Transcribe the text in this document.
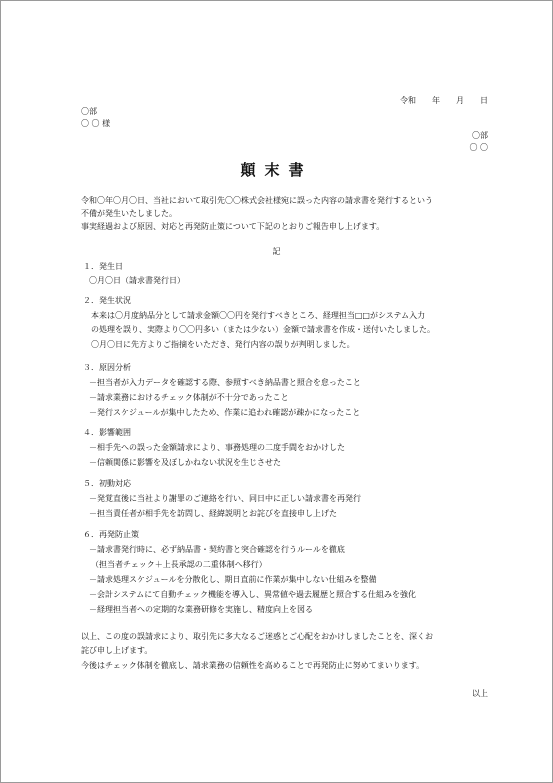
令和　　年　　月　　日
〇部
〇 〇 様
〇部
〇 〇
顛末書
令和〇年〇月〇日、当社において取引先〇〇株式会社様宛に誤った内容の請求書を発行するという
不備が発生いたしました。
事実経過および原因、対応と再発防止策について下記のとおりご報告申し上げます。
記
１．発生日
〇月〇日（請求書発行日）
２．発生状況
本来は〇月度納品分として請求金額〇〇円を発行すべきところ、経理担当□□がシステム入力
の処理を誤り、実際より〇〇円多い（または少ない）金額で請求書を作成・送付いたしました。
〇月〇日に先方よりご指摘をいただき、発行内容の誤りが判明しました。
３．原因分析
－担当者が入力データを確認する際、参照すべき納品書と照合を怠ったこと
－請求業務におけるチェック体制が不十分であったこと
－発行スケジュールが集中したため、作業に追われ確認が疎かになったこと
４．影響範囲
－相手先への誤った金額請求により、事務処理の二度手間をおかけした
－信頼関係に影響を及ぼしかねない状況を生じさせた
５．初動対応
－発覚直後に当社より謝罪のご連絡を行い、同日中に正しい請求書を再発行
－担当責任者が相手先を訪問し、経緯説明とお詫びを直接申し上げた
６．再発防止策
－請求書発行時に、必ず納品書・契約書と突合確認を行うルールを徹底
（担当者チェック＋上長承認の二重体制へ移行）
－請求処理スケジュールを分散化し、期日直前に作業が集中しない仕組みを整備
－会計システムにて自動チェック機能を導入し、異常値や過去履歴と照合する仕組みを強化
－経理担当者への定期的な業務研修を実施し、精度向上を図る
以上、この度の誤請求により、取引先に多大なるご迷惑とご心配をおかけしましたことを、深くお
詫び申し上げます。
今後はチェック体制を徹底し、請求業務の信頼性を高めることで再発防止に努めてまいります。
以上
